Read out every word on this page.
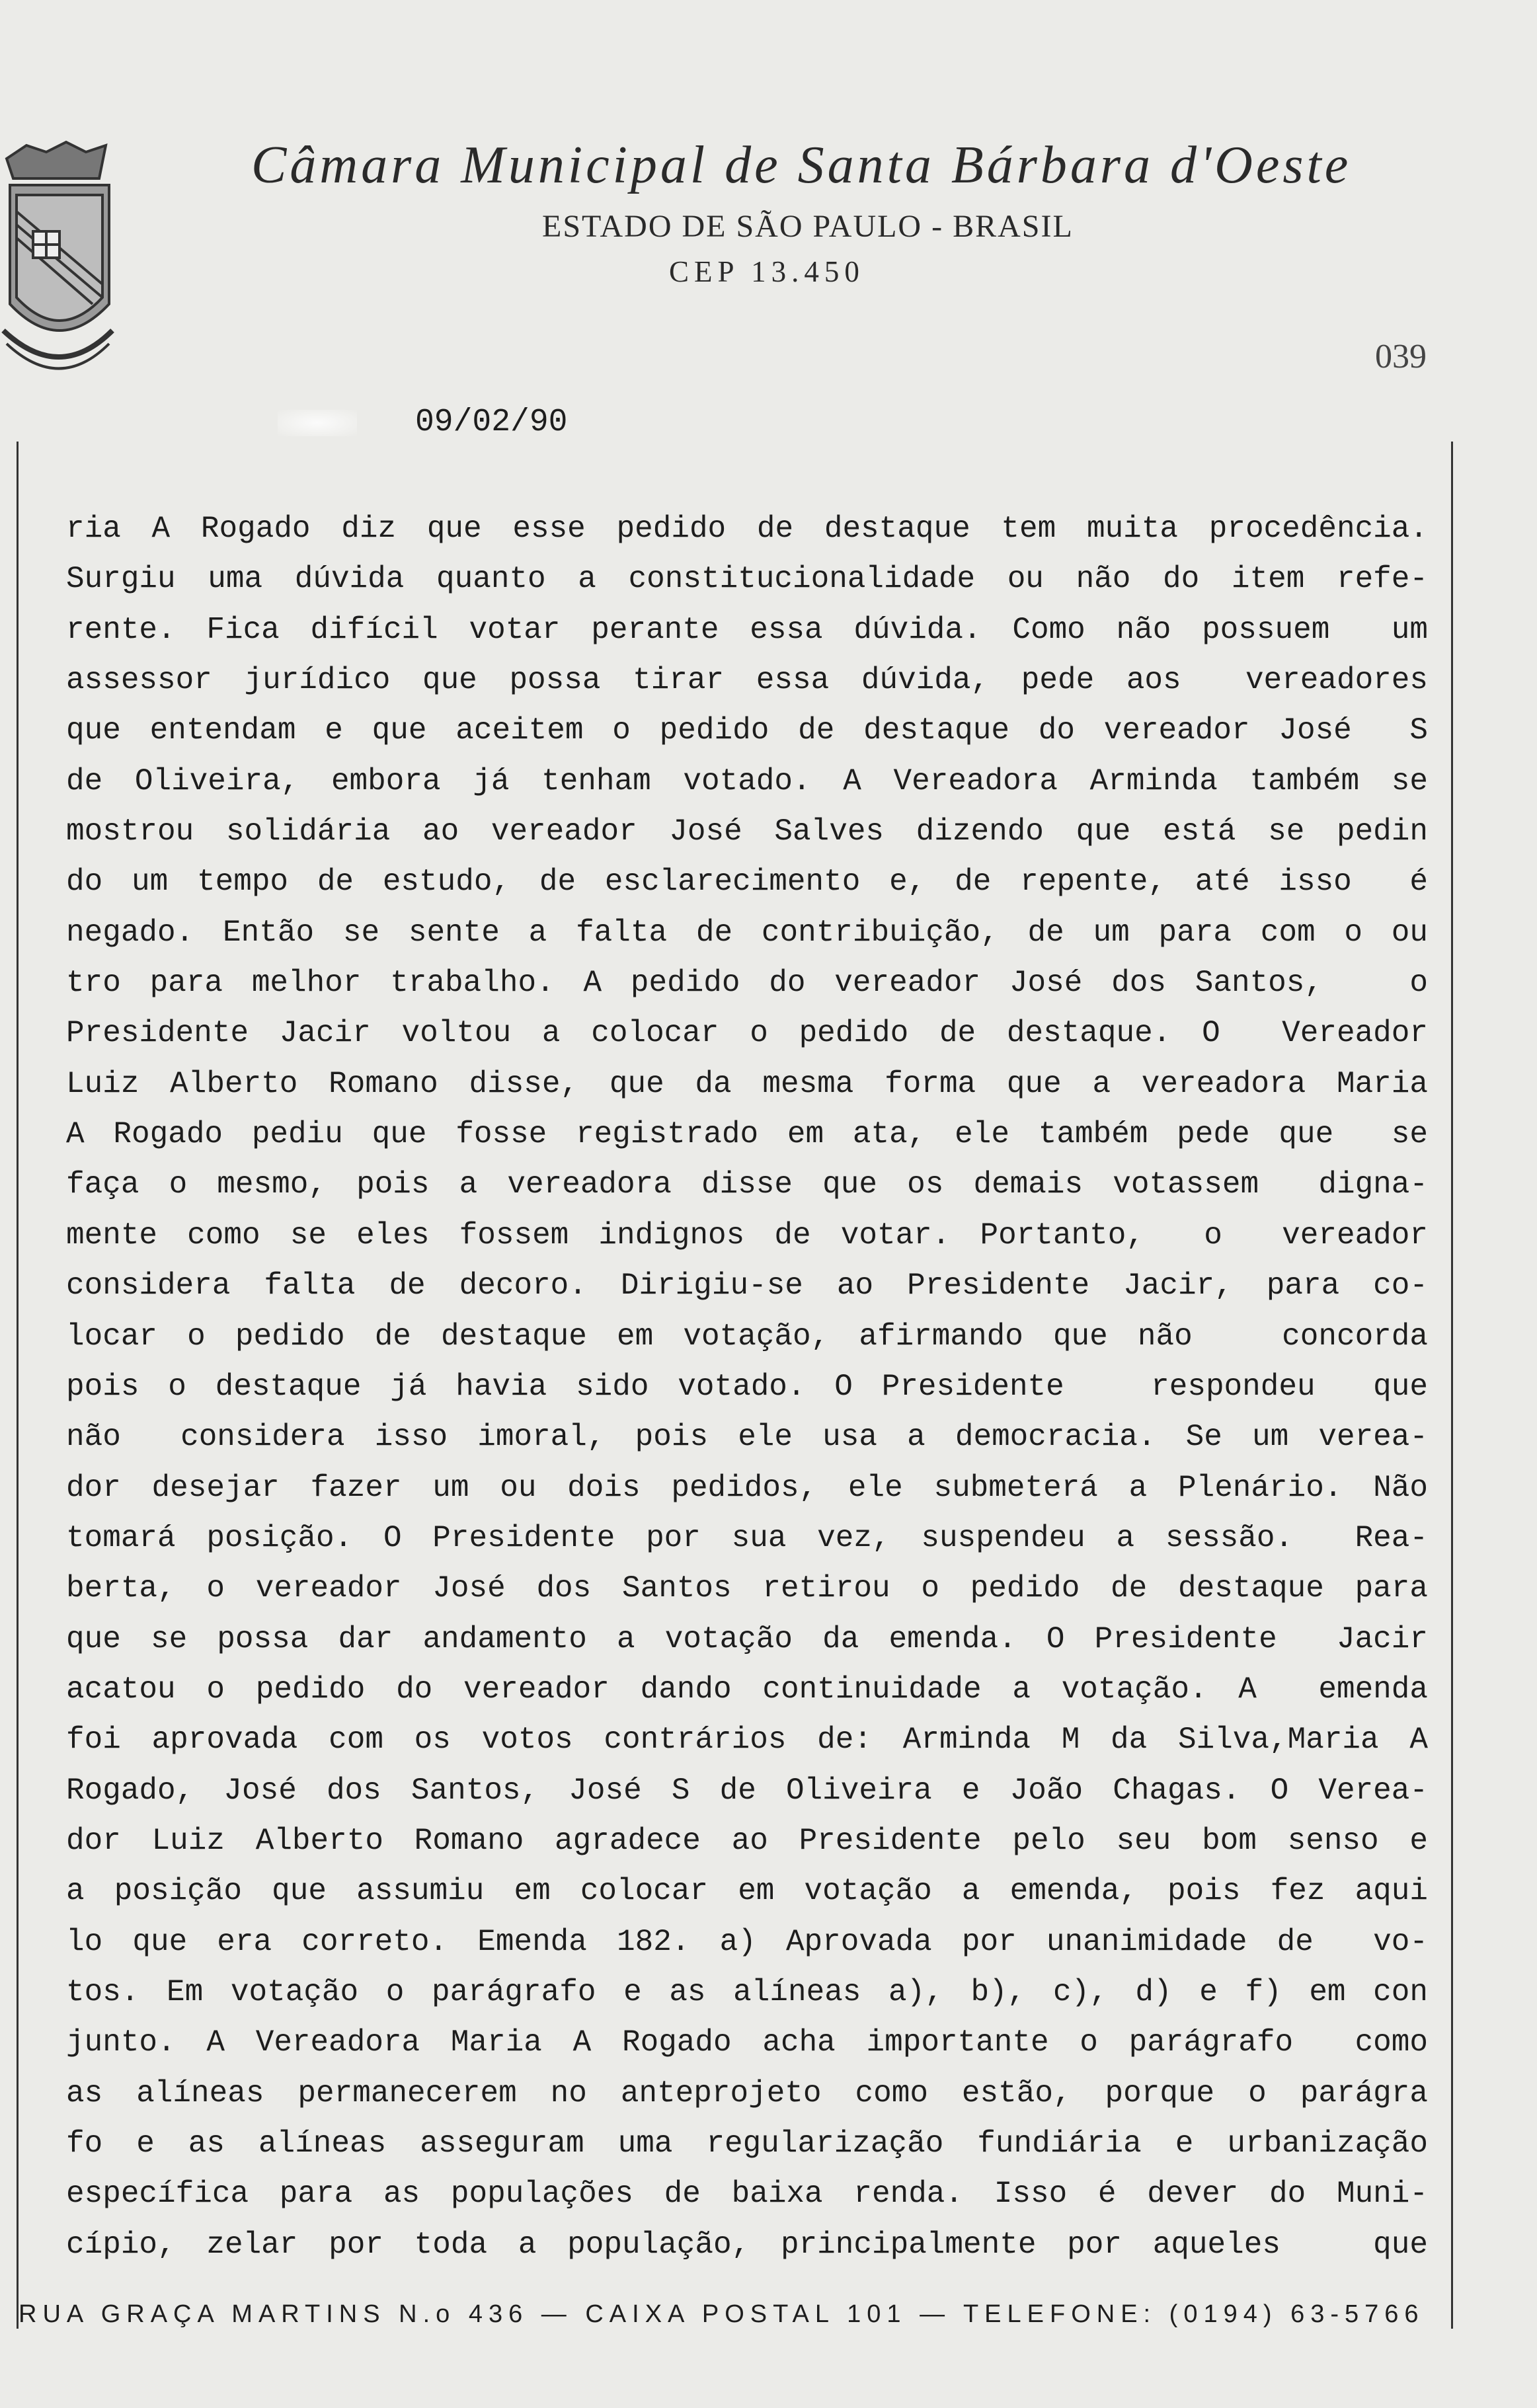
Câmara Municipal de Santa Bárbara d'Oeste
ESTADO DE SÃO PAULO - BRASIL
CEP 13.450
039
09/02/90
ria A Rogado diz que esse pedido de destaque tem muita procedência.
Surgiu uma dúvida quanto a constitucionalidade ou não do item refe-
rente. Fica difícil votar perante essa dúvida. Como não possuem  um
assessor jurídico que possa tirar essa dúvida, pede aos  vereadores
que entendam e que aceitem o pedido de destaque do vereador José  S
de Oliveira, embora já tenham votado. A Vereadora Arminda também se
mostrou solidária ao vereador José Salves dizendo que está se pedin
do um tempo de estudo, de esclarecimento e, de repente, até isso  é
negado. Então se sente a falta de contribuição, de um para com o ou
tro para melhor trabalho. A pedido do vereador José dos Santos,   o
Presidente Jacir voltou a colocar o pedido de destaque. O  Vereador
Luiz Alberto Romano disse, que da mesma forma que a vereadora Maria
A Rogado pediu que fosse registrado em ata, ele também pede que  se
faça o mesmo, pois a vereadora disse que os demais votassem  digna-
mente como se eles fossem indignos de votar. Portanto,  o  vereador
considera falta de decoro. Dirigiu-se ao Presidente Jacir, para co-
locar o pedido de destaque em votação, afirmando que não   concorda
pois o destaque já havia sido votado. O Presidente   respondeu  que
não  considera isso imoral, pois ele usa a democracia. Se um verea-
dor desejar fazer um ou dois pedidos, ele submeterá a Plenário. Não
tomará posição. O Presidente por sua vez, suspendeu a sessão.  Rea-
berta, o vereador José dos Santos retirou o pedido de destaque para
que se possa dar andamento a votação da emenda. O Presidente  Jacir
acatou o pedido do vereador dando continuidade a votação. A  emenda
foi aprovada com os votos contrários de: Arminda M da Silva,Maria A
Rogado, José dos Santos, José S de Oliveira e João Chagas. O Verea-
dor Luiz Alberto Romano agradece ao Presidente pelo seu bom senso e
a posição que assumiu em colocar em votação a emenda, pois fez aqui
lo que era correto. Emenda 182. a) Aprovada por unanimidade de  vo-
tos. Em votação o parágrafo e as alíneas a), b), c), d) e f) em con
junto. A Vereadora Maria A Rogado acha importante o parágrafo  como
as alíneas permanecerem no anteprojeto como estão, porque o parágra
fo e as alíneas asseguram uma regularização fundiária e urbanização
específica para as populações de baixa renda. Isso é dever do Muni-
cípio, zelar por toda a população, principalmente por aqueles   que
RUA GRAÇA MARTINS N.o 436 — CAIXA POSTAL 101 — TELEFONE: (0194) 63-5766
